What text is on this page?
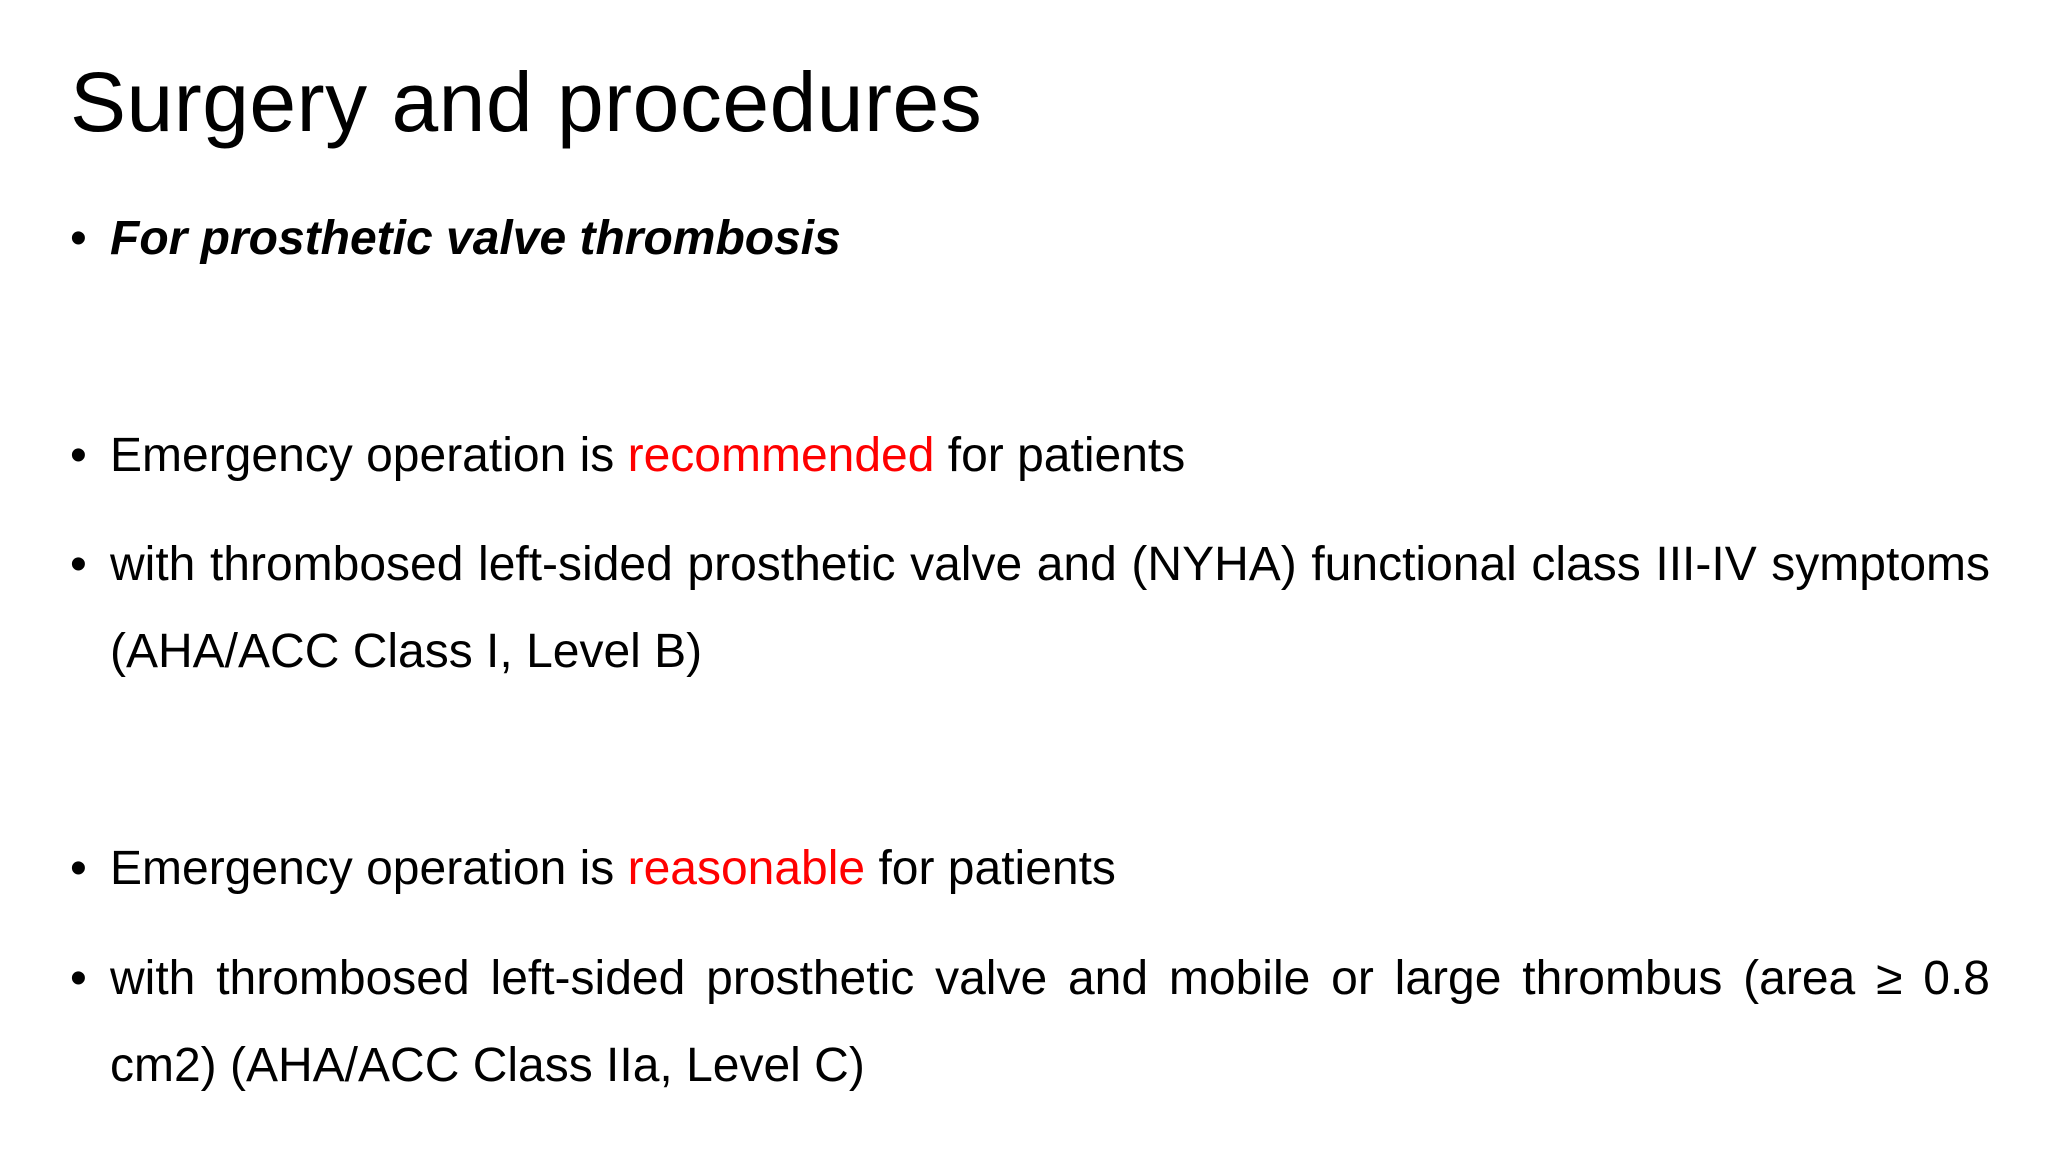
Surgery and procedures
• For prosthetic valve thrombosis
• Emergency operation is recommended for patients
• with thrombosed left-sided prosthetic valve and (NYHA) functional class III-IV symptoms (AHA/ACC Class I, Level B)
• Emergency operation is reasonable for patients
• with thrombosed left-sided prosthetic valve and mobile or large thrombus (area ≥ 0.8 cm2) (AHA/ACC Class IIa, Level C)
